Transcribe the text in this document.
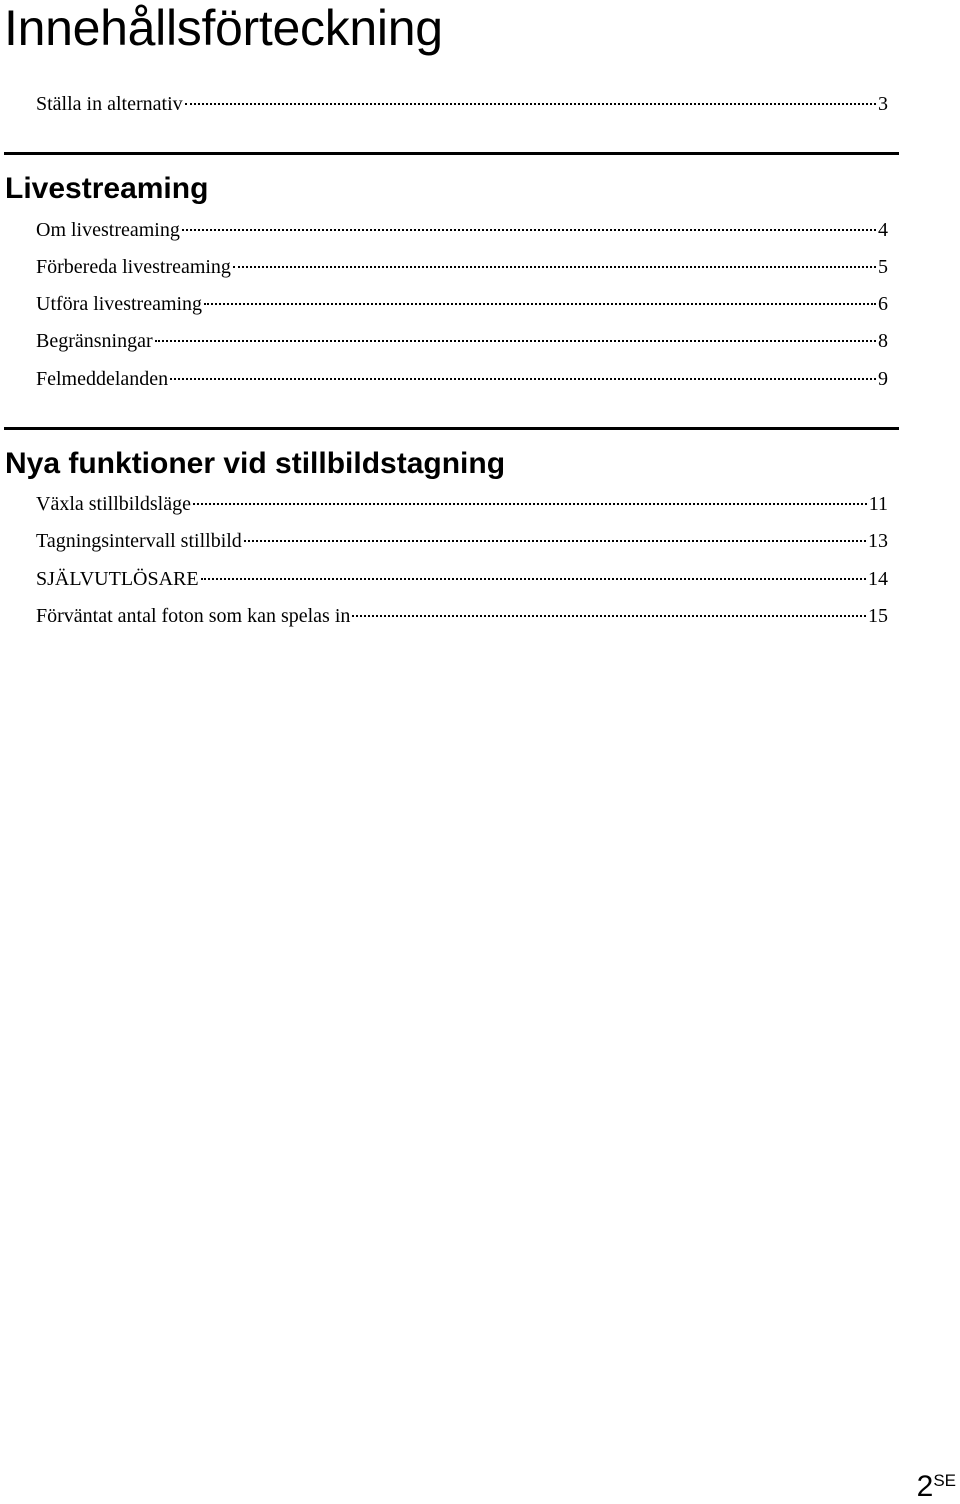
Innehållsförteckning
Ställa in alternativ	3
Livestreaming
Om livestreaming	4
Förbereda livestreaming	5
Utföra livestreaming	6
Begränsningar	8
Felmeddelanden	9
Nya funktioner vid stillbildstagning
Växla stillbildsläge	11
Tagningsintervall stillbild	13
SJÄLVUTLÖSARE	14
Förväntat antal foton som kan spelas in	15
2SE
